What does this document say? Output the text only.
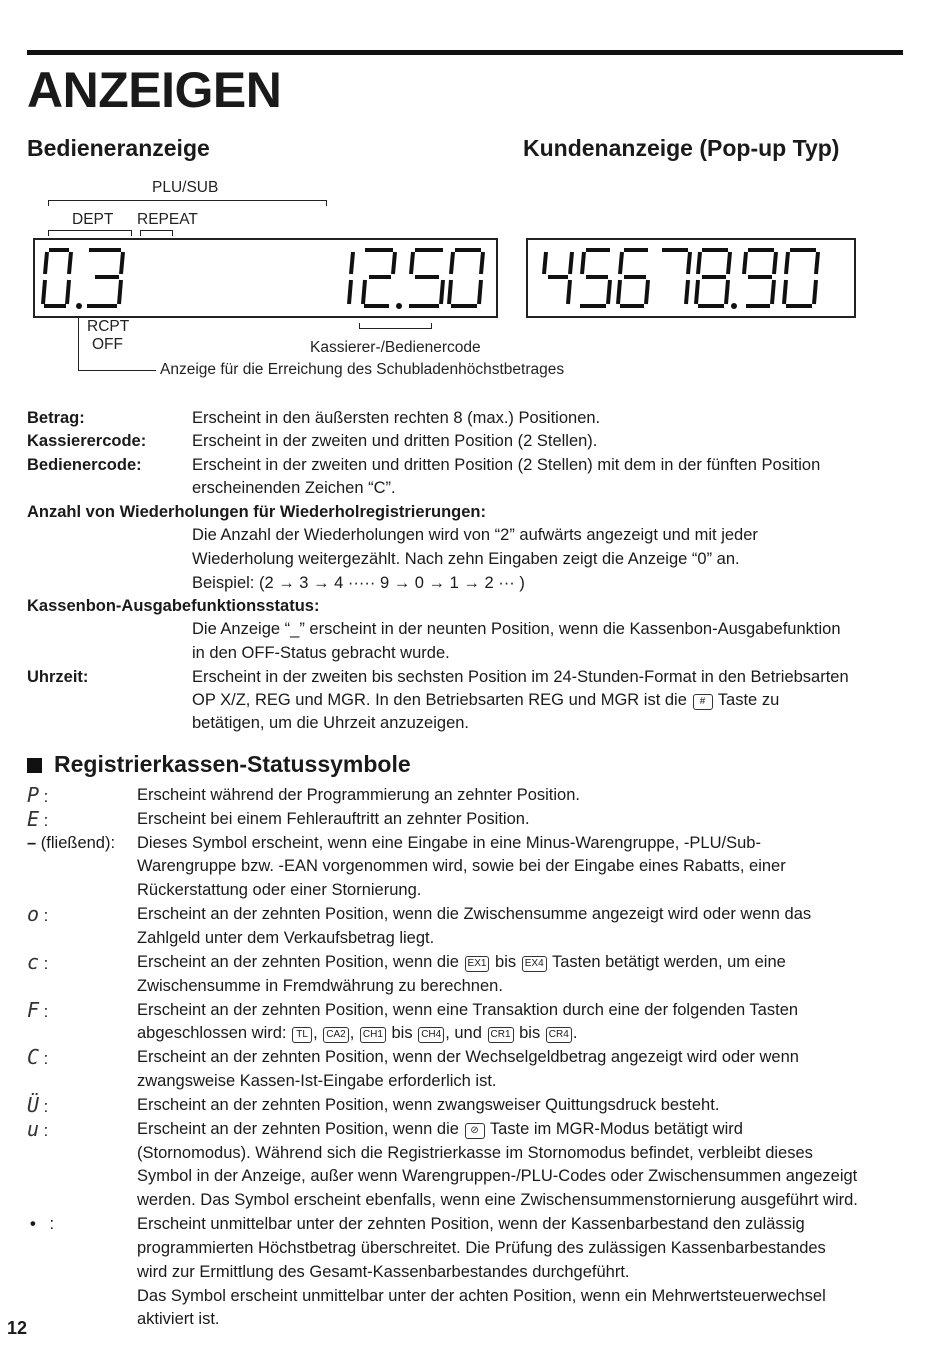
ANZEIGEN
Bedieneranzeige	Kundenanzeige (Pop-up Typ)
PLU/SUB
DEPT REPEAT
RCPT
OFF	Kassierer-/Bedienercode
Anzeige für die Erreichung des Schubladenhöchstbetrages
Betrag:	Erscheint in den äußersten rechten 8 (max.) Positionen.
Kassierercode:	Erscheint in der zweiten und dritten Position (2 Stellen).
Bedienercode:	Erscheint in der zweiten und dritten Position (2 Stellen) mit dem in der fünften Position
erscheinenden Zeichen “C”.
Anzahl von Wiederholungen für Wiederholregistrierungen:
Die Anzahl der Wiederholungen wird von “2” aufwärts angezeigt und mit jeder
Wiederholung weitergezählt. Nach zehn Eingaben zeigt die Anzeige “0” an.
Beispiel: (2 → 3 → 4 ····· 9 → 0 → 1 → 2 ··· )
Kassenbon-Ausgabefunktionsstatus:
Die Anzeige “_” erscheint in der neunten Position, wenn die Kassenbon-Ausgabefunktion
in den OFF-Status gebracht wurde.
Uhrzeit:	Erscheint in der zweiten bis sechsten Position im 24-Stunden-Format in den Betriebsarten
OP X/Z, REG und MGR. In den Betriebsarten REG und MGR ist die # Taste zu
betätigen, um die Uhrzeit anzuzeigen.
Registrierkassen-Statussymbole
P :	Erscheint während der Programmierung an zehnter Position.
E :	Erscheint bei einem Fehlerauftritt an zehnter Position.
– (fließend): Dieses Symbol erscheint, wenn eine Eingabe in eine Minus-Warengruppe, -PLU/Sub-
Warengruppe bzw. -EAN vorgenommen wird, sowie bei der Eingabe eines Rabatts, einer
Rückerstattung oder einer Stornierung.
o :	Erscheint an der zehnten Position, wenn die Zwischensumme angezeigt wird oder wenn das
Zahlgeld unter dem Verkaufsbetrag liegt.
c :	Erscheint an der zehnten Position, wenn die EX1 bis EX4 Tasten betätigt werden, um eine
Zwischensumme in Fremdwährung zu berechnen.
F :	Erscheint an der zehnten Position, wenn eine Transaktion durch eine der folgenden Tasten
abgeschlossen wird: TL , CA2 , CH1 bis CH4 , und CR1 bis CR4 .
C :	Erscheint an der zehnten Position, wenn der Wechselgeldbetrag angezeigt wird oder wenn
zwangsweise Kassen-Ist-Eingabe erforderlich ist.
Ü :	Erscheint an der zehnten Position, wenn zwangsweiser Quittungsdruck besteht.
u :	Erscheint an der zehnten Position, wenn die ⊘ Taste im MGR-Modus betätigt wird
(Stornomodus). Während sich die Registrierkasse im Stornomodus befindet, verbleibt dieses
Symbol in der Anzeige, außer wenn Warengruppen-/PLU-Codes oder Zwischensummen angezeigt
werden. Das Symbol erscheint ebenfalls, wenn eine Zwischensummenstornierung ausgeführt wird.
• :	Erscheint unmittelbar unter der zehnten Position, wenn der Kassenbarbestand den zulässig
programmierten Höchstbetrag überschreitet. Die Prüfung des zulässigen Kassenbarbestandes
wird zur Ermittlung des Gesamt-Kassenbarbestandes durchgeführt.
Das Symbol erscheint unmittelbar unter der achten Position, wenn ein Mehrwertsteuerwechsel
aktiviert ist.
12
